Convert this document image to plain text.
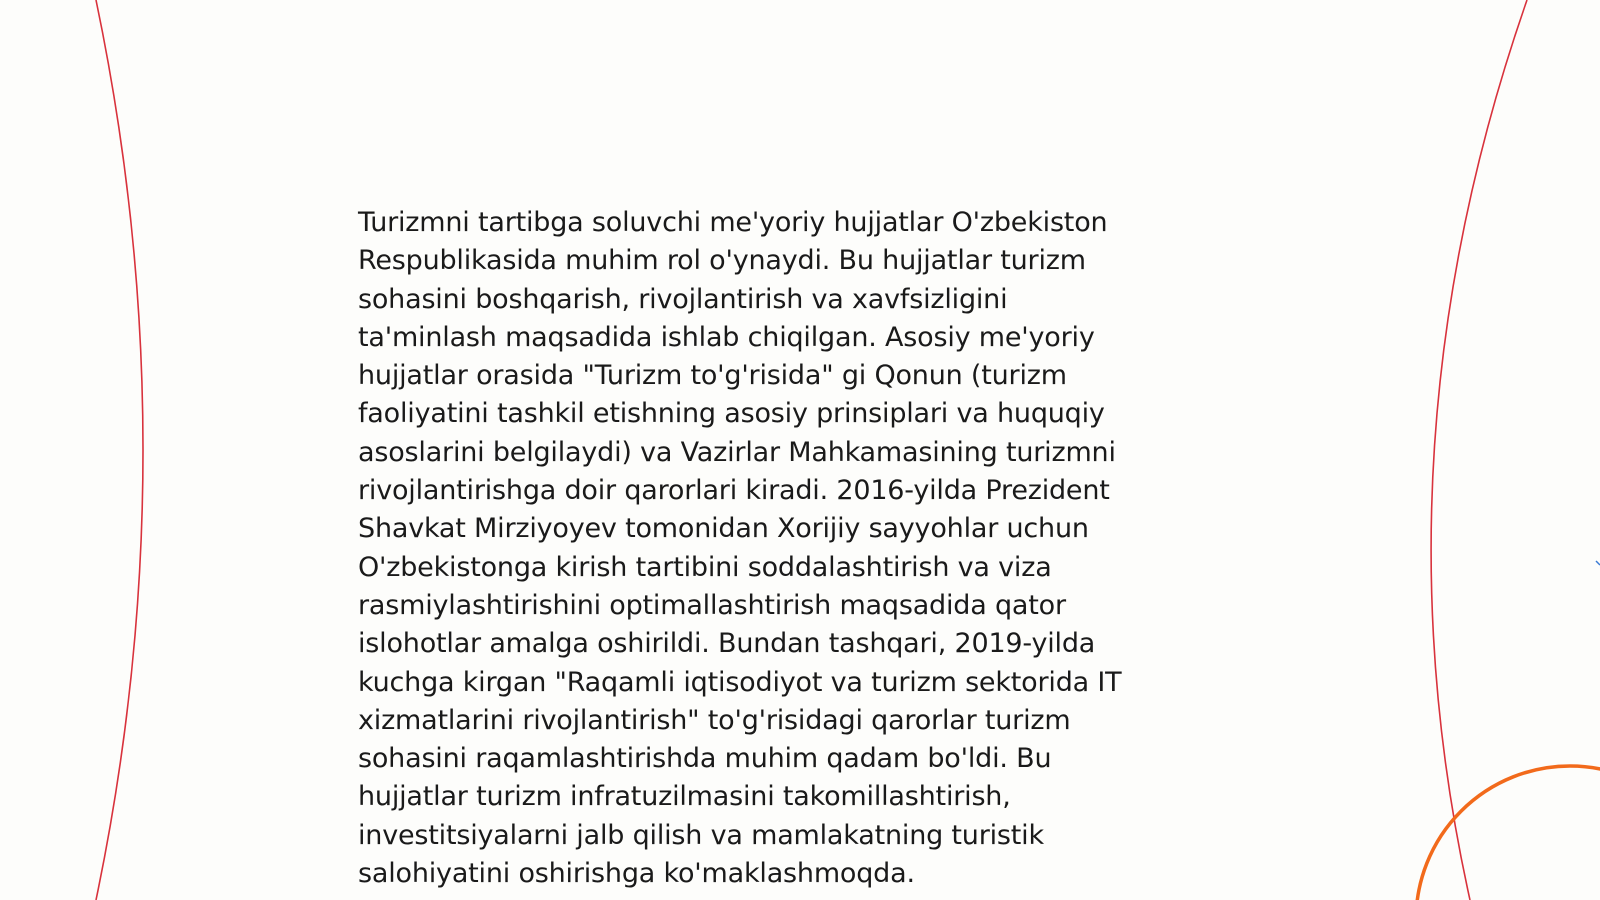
Turizmni tartibga soluvchi me'yoriy hujjatlar O'zbekiston
Respublikasida muhim rol o'ynaydi. Bu hujjatlar turizm
sohasini boshqarish, rivojlantirish va xavfsizligini
ta'minlash maqsadida ishlab chiqilgan. Asosiy me'yoriy
hujjatlar orasida "Turizm to'g'risida" gi Qonun (turizm
faoliyatini tashkil etishning asosiy prinsiplari va huquqiy
asoslarini belgilaydi) va Vazirlar Mahkamasining turizmni
rivojlantirishga doir qarorlari kiradi. 2016-yilda Prezident
Shavkat Mirziyoyev tomonidan Xorijiy sayyohlar uchun
O'zbekistonga kirish tartibini soddalashtirish va viza
rasmiylashtirishini optimallashtirish maqsadida qator
islohotlar amalga oshirildi. Bundan tashqari, 2019-yilda
kuchga kirgan "Raqamli iqtisodiyot va turizm sektorida IT
xizmatlarini rivojlantirish" to'g'risidagi qarorlar turizm
sohasini raqamlashtirishda muhim qadam bo'ldi. Bu
hujjatlar turizm infratuzilmasini takomillashtirish,
investitsiyalarni jalb qilish va mamlakatning turistik
salohiyatini oshirishga ko'maklashmoqda.
